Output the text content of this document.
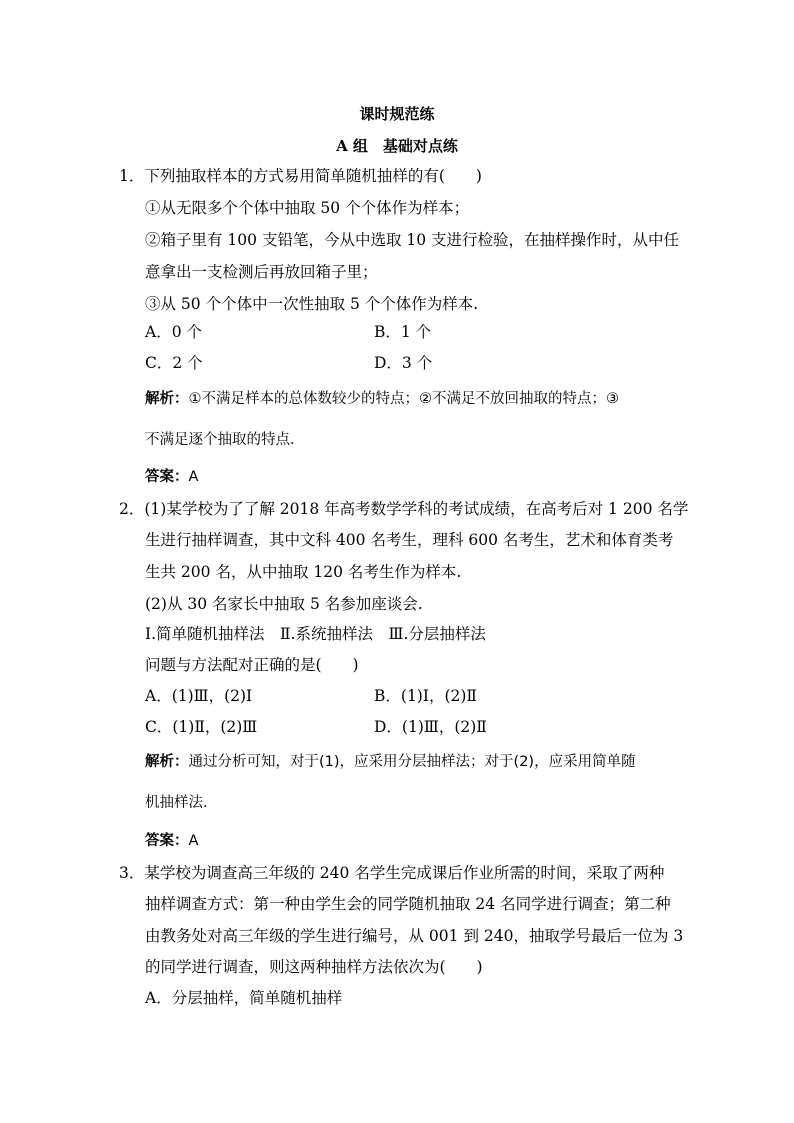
课时规范练
A 组　基础对点练
1．下列抽取样本的方式易用简单随机抽样的有(　　)
①从无限多个个体中抽取 50 个个体作为样本；
②箱子里有 100 支铅笔，今从中选取 10 支进行检验，在抽样操作时，从中任
意拿出一支检测后再放回箱子里；
③从 50 个个体中一次性抽取 5 个个体作为样本.
A．0 个	B．1 个
C．2 个	D．3 个
解析：①不满足样本的总体数较少的特点；②不满足不放回抽取的特点；③
不满足逐个抽取的特点．
答案：A
2．(1)某学校为了了解 2018 年高考数学学科的考试成绩，在高考后对 1 200 名学
生进行抽样调查，其中文科 400 名考生，理科 600 名考生，艺术和体育类考
生共 200 名，从中抽取 120 名考生作为样本.
(2)从 30 名家长中抽取 5 名参加座谈会.
Ⅰ.简单随机抽样法　Ⅱ.系统抽样法　Ⅲ.分层抽样法
问题与方法配对正确的是(　　)
A．(1)Ⅲ，(2)Ⅰ	B．(1)Ⅰ，(2)Ⅱ
C．(1)Ⅱ，(2)Ⅲ	D．(1)Ⅲ，(2)Ⅱ
解析：通过分析可知，对于(1)，应采用分层抽样法；对于(2)，应采用简单随
机抽样法．
答案：A
3．某学校为调查高三年级的 240 名学生完成课后作业所需的时间，采取了两种
抽样调查方式：第一种由学生会的同学随机抽取 24 名同学进行调查；第二种
由教务处对高三年级的学生进行编号，从 001 到 240，抽取学号最后一位为 3
的同学进行调查，则这两种抽样方法依次为(　　)
A．分层抽样，简单随机抽样
